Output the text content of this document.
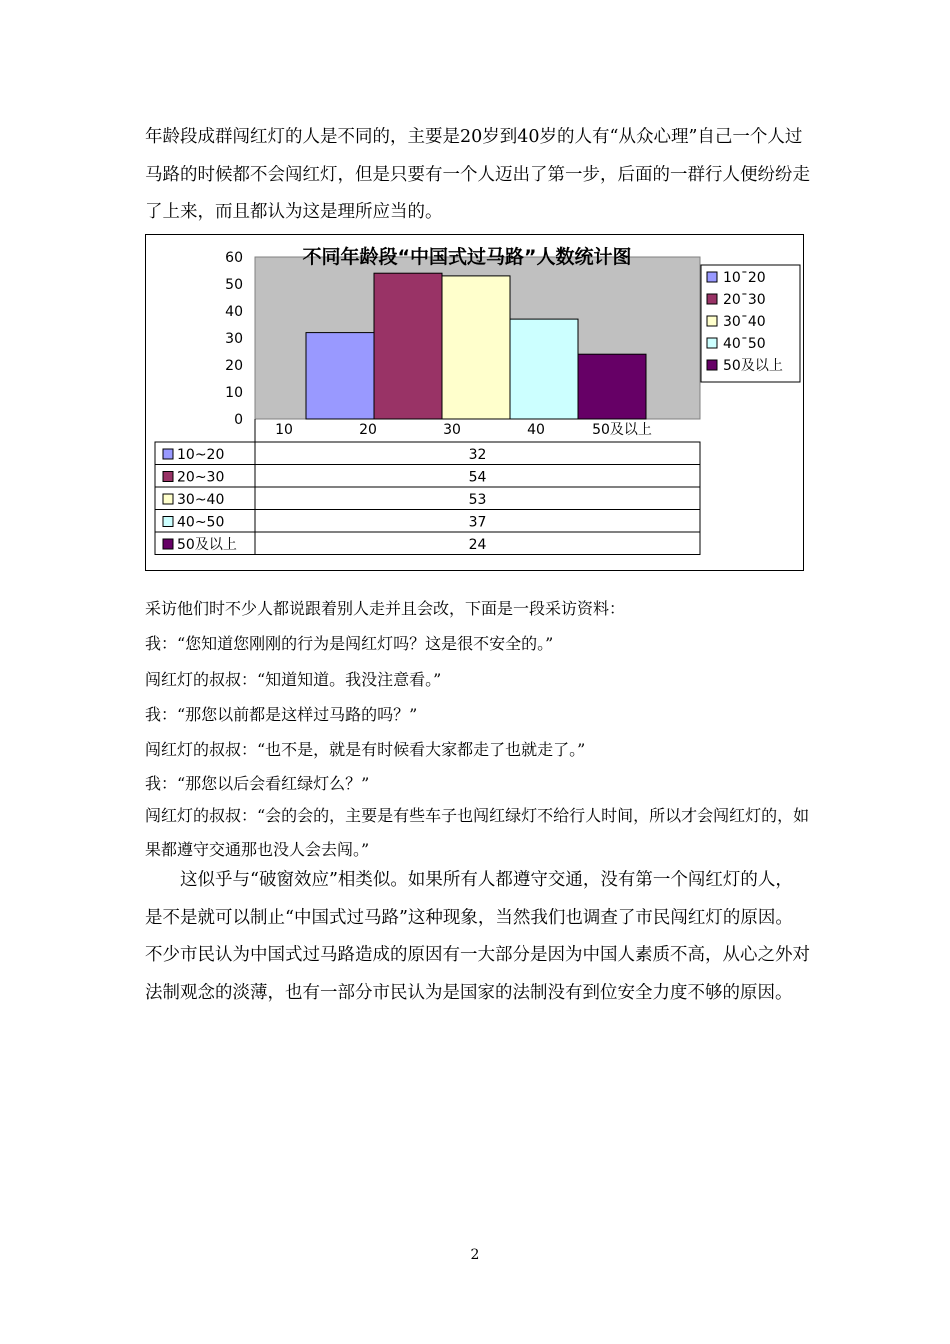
年龄段成群闯红灯的人是不同的，主要是20岁到40岁的人有“从众心理”自己一个人过马路的时候都不会闯红灯，但是只要有一个人迈出了第一步，后面的一群行人便纷纷走了上来，而且都认为这是理所应当的。

0
10
20
30
40
50
60
10	20	30	40	50及以上
不同年龄段“中国式过马路”人数统计图
10¯20
20¯30
30¯40
40¯50
50及以上
10~20	32
20~30	54
30~40	53
40~50	37
50及以上	24

采访他们时不少人都说跟着别人走并且会改，下面是一段采访资料：

我：“您知道您刚刚的行为是闯红灯吗？这是很不安全的。”

闯红灯的叔叔：“知道知道。我没注意看。”

我：“那您以前都是这样过马路的吗？”

闯红灯的叔叔：“也不是，就是有时候看大家都走了也就走了。”

我：“那您以后会看红绿灯么？”

闯红灯的叔叔：“会的会的，主要是有些车子也闯红绿灯不给行人时间，所以才会闯红灯的，如果都遵守交通那也没人会去闯。”

这似乎与“破窗效应”相类似。如果所有人都遵守交通，没有第一个闯红灯的人，是不是就可以制止“中国式过马路”这种现象，当然我们也调查了市民闯红灯的原因。不少市民认为中国式过马路造成的原因有一大部分是因为中国人素质不高，从心之外对法制观念的淡薄，也有一部分市民认为是国家的法制没有到位安全力度不够的原因。

2
